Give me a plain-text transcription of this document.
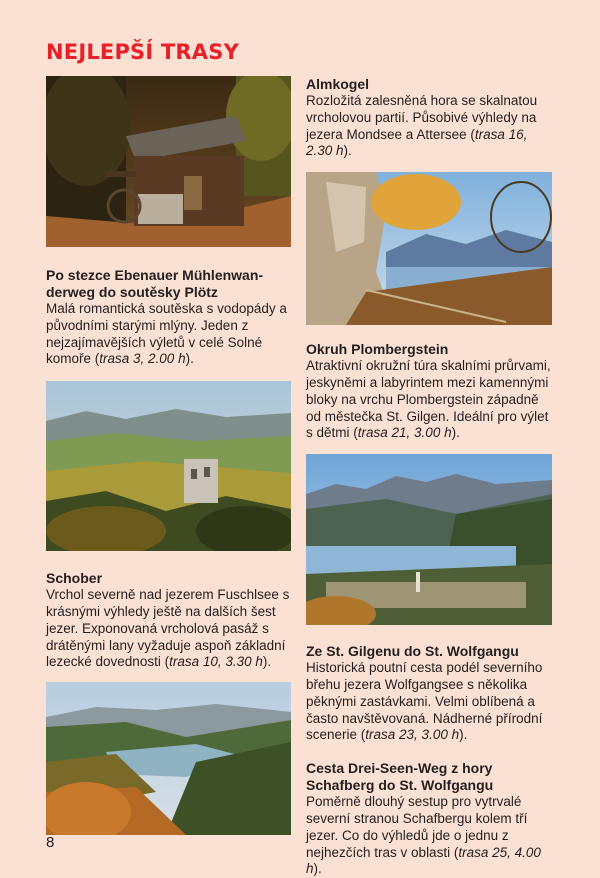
NEJLEPŠÍ TRASY
Po stezce Ebenauer Mühlenwan-derweg do soutěsky Plötz

Malá romantická soutěska s vodopády a původními starými mlýny. Jeden z nejzajímavějších výletů v celé Solné komoře (trasa 3, 2.00 h).

Schober

Vrchol severně nad jezerem Fuschlsee s krásnými výhledy ještě na dalších šest jezer. Exponovaná vrcholová pasáž s drátěnými lany vyžaduje aspoň základní lezecké dovednosti (trasa 10, 3.30 h).

Almkogel

Rozložitá zalesněná hora se skalnatou vrcholovou partií. Působivé výhledy na jezera Mondsee a Attersee (trasa 16, 2.30 h).

Okruh Plombergstein

Atraktivní okružní túra skalními průrvami, jeskyněmi a labyrintem mezi kamennými bloky na vrchu Plombergstein západně od městečka St. Gilgen. Ideální pro výlet s dětmi (trasa 21, 3.00 h).

Ze St. Gilgenu do St. Wolfgangu

Historická poutní cesta podél severního břehu jezera Wolfgangsee s několika pěknými zastávkami. Velmi oblíbená a často navštěvovaná. Nádherné přírodní scenerie (trasa 23, 3.00 h).

Cesta Drei-Seen-Weg z hory Schafberg do St. Wolfgangu

Poměrně dlouhý sestup pro vytrvalé severní stranou Schafbergu kolem tří jezer. Co do výhledů jde o jednu z nejhezčích tras v oblasti (trasa 25, 4.00 h).

8
